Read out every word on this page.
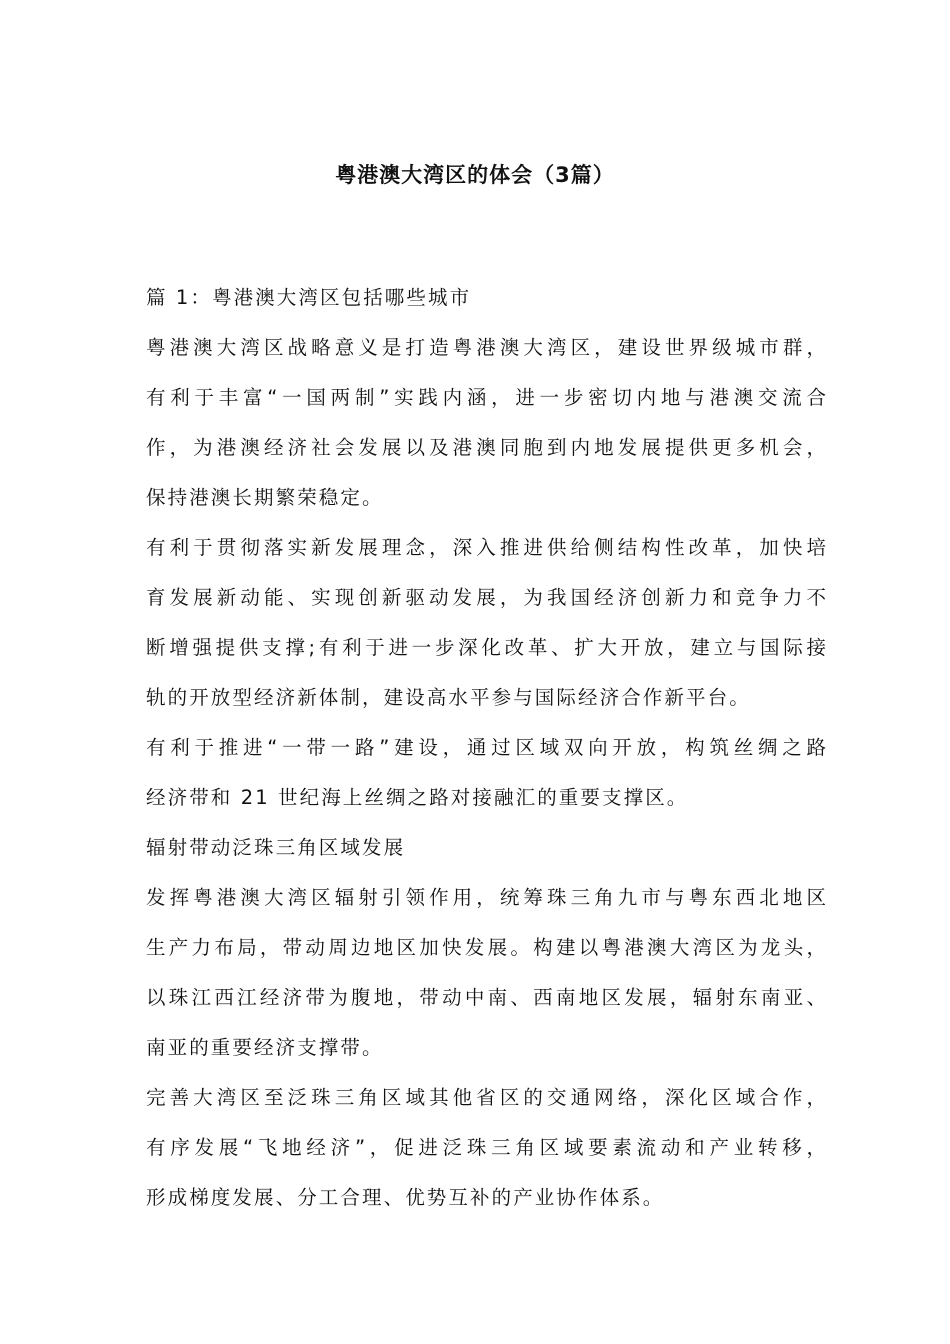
粤港澳大湾区的体会（3篇）
篇 1：粤港澳大湾区包括哪些城市
粤港澳大湾区战略意义是打造粤港澳大湾区，建设世界级城市群，
有利于丰富“一国两制”实践内涵，进一步密切内地与港澳交流合
作，为港澳经济社会发展以及港澳同胞到内地发展提供更多机会，
保持港澳长期繁荣稳定。
有利于贯彻落实新发展理念，深入推进供给侧结构性改革，加快培
育发展新动能、实现创新驱动发展，为我国经济创新力和竞争力不
断增强提供支撑;有利于进一步深化改革、扩大开放，建立与国际接
轨的开放型经济新体制，建设高水平参与国际经济合作新平台。
有利于推进“一带一路”建设，通过区域双向开放，构筑丝绸之路
经济带和 21 世纪海上丝绸之路对接融汇的重要支撑区。
辐射带动泛珠三角区域发展
发挥粤港澳大湾区辐射引领作用，统筹珠三角九市与粤东西北地区
生产力布局，带动周边地区加快发展。构建以粤港澳大湾区为龙头，
以珠江西江经济带为腹地，带动中南、西南地区发展，辐射东南亚、
南亚的重要经济支撑带。
完善大湾区至泛珠三角区域其他省区的交通网络，深化区域合作，
有序发展“飞地经济”，促进泛珠三角区域要素流动和产业转移，
形成梯度发展、分工合理、优势互补的产业协作体系。
